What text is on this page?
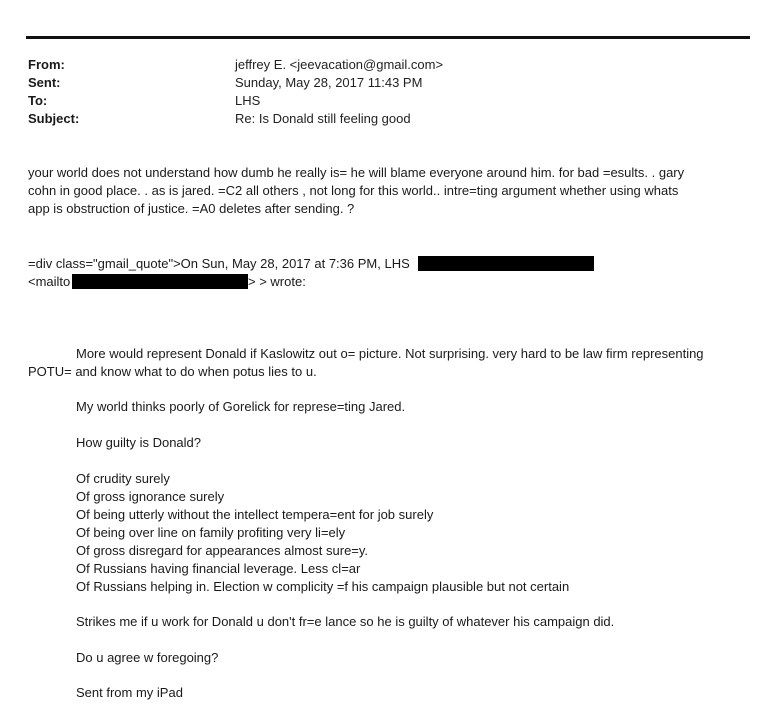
From:	jeffrey E. <jeevacation@gmail.com>
Sent:	Sunday, May 28, 2017 11:43 PM
To:	LHS
Subject:	Re: Is Donald still feeling good
your world does not understand how dumb he really is= he will blame everyone around him. for bad =esults. . gary
cohn in good place. . as is jared. =C2 all others , not long for this world.. intre=ting argument whether using whats
app is obstruction of justice. =A0 deletes after sending. ?
=div class="gmail_quote">On Sun, May 28, 2017 at 7:36 PM, LHS
<mailto	> > wrote:
More would represent Donald if Kaslowitz out o= picture. Not surprising. very hard to be law firm representing
POTU= and know what to do when potus lies to u.
My world thinks poorly of Gorelick for represe=ting Jared.
How guilty is Donald?
Of crudity surely
Of gross ignorance surely
Of being utterly without the intellect tempera=ent for job surely
Of being over line on family profiting very li=ely
Of gross disregard for appearances almost sure=y.
Of Russians having financial leverage. Less cl=ar
Of Russians helping in. Election w complicity =f his campaign plausible but not certain
Strikes me if u work for Donald u don't fr=e lance so he is guilty of whatever his campaign did.
Do u agree w foregoing?
Sent from my iPad
